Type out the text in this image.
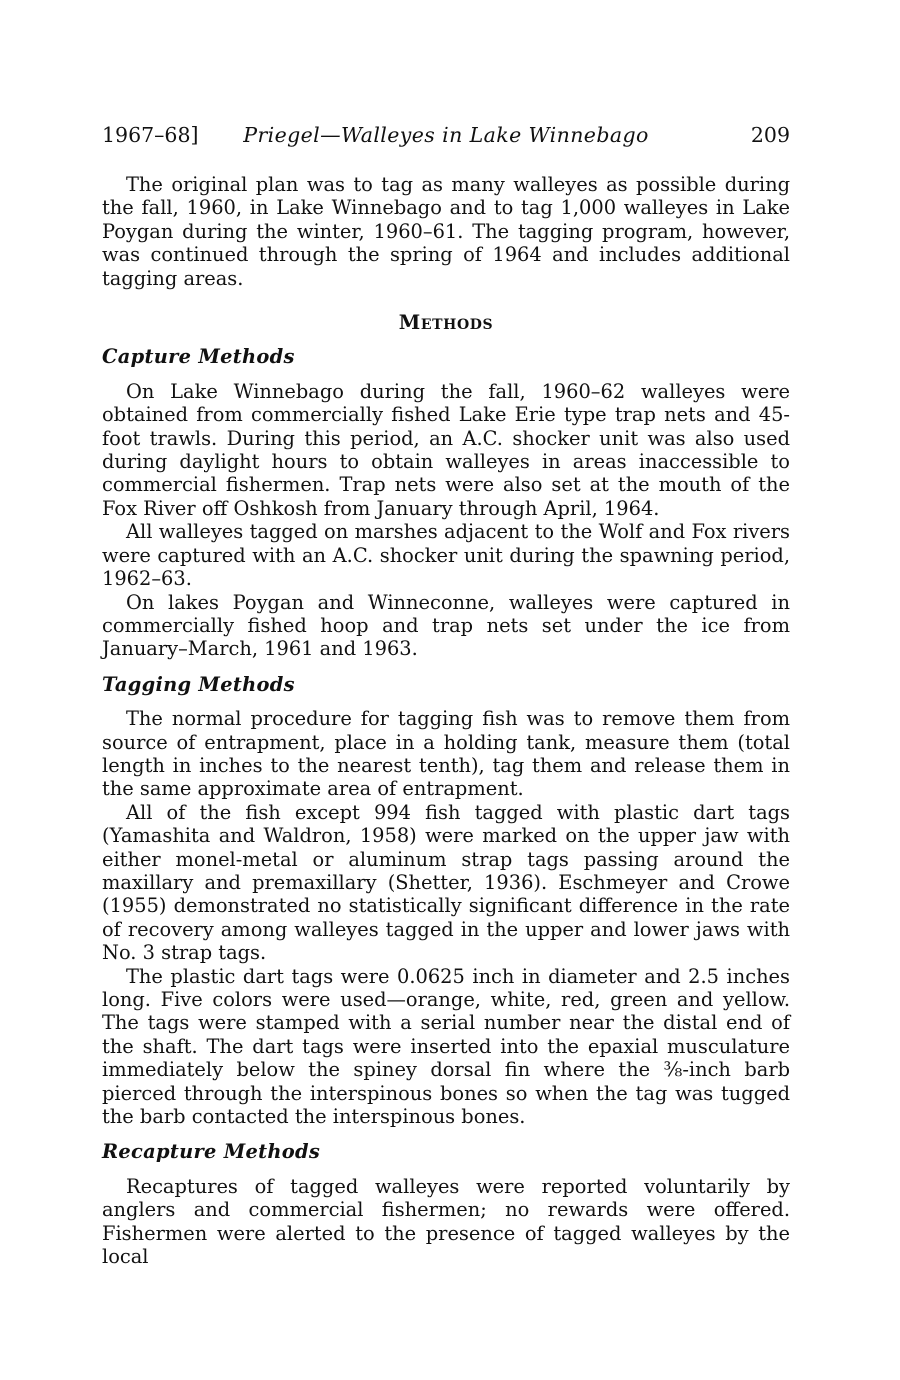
1967–68]	Priegel—Walleyes in Lake Winnebago	209

The original plan was to tag as many walleyes as possible during the fall, 1960, in Lake Winnebago and to tag 1,000 walleyes in Lake Poygan during the winter, 1960–61. The tagging program, however, was continued through the spring of 1964 and includes additional tagging areas.

Methods
Capture Methods

On Lake Winnebago during the fall, 1960–62 walleyes were obtained from commercially fished Lake Erie type trap nets and 45-foot trawls. During this period, an A.C. shocker unit was also used during daylight hours to obtain walleyes in areas inaccessible to commercial fishermen. Trap nets were also set at the mouth of the Fox River off Oshkosh from January through April, 1964.

All walleyes tagged on marshes adjacent to the Wolf and Fox rivers were captured with an A.C. shocker unit during the spawning period, 1962–63.

On lakes Poygan and Winneconne, walleyes were captured in commercially fished hoop and trap nets set under the ice from January–March, 1961 and 1963.

Tagging Methods

The normal procedure for tagging fish was to remove them from source of entrapment, place in a holding tank, measure them (total length in inches to the nearest tenth), tag them and release them in the same approximate area of entrapment.

All of the fish except 994 fish tagged with plastic dart tags (Yamashita and Waldron, 1958) were marked on the upper jaw with either monel-metal or aluminum strap tags passing around the maxillary and premaxillary (Shetter, 1936). Eschmeyer and Crowe (1955) demonstrated no statistically significant difference in the rate of recovery among walleyes tagged in the upper and lower jaws with No. 3 strap tags.

The plastic dart tags were 0.0625 inch in diameter and 2.5 inches long. Five colors were used—orange, white, red, green and yellow. The tags were stamped with a serial number near the distal end of the shaft. The dart tags were inserted into the epaxial musculature immediately below the spiney dorsal fin where the ⅜-inch barb pierced through the interspinous bones so when the tag was tugged the barb contacted the interspinous bones.

Recapture Methods

Recaptures of tagged walleyes were reported voluntarily by anglers and commercial fishermen; no rewards were offered. Fishermen were alerted to the presence of tagged walleyes by the local
